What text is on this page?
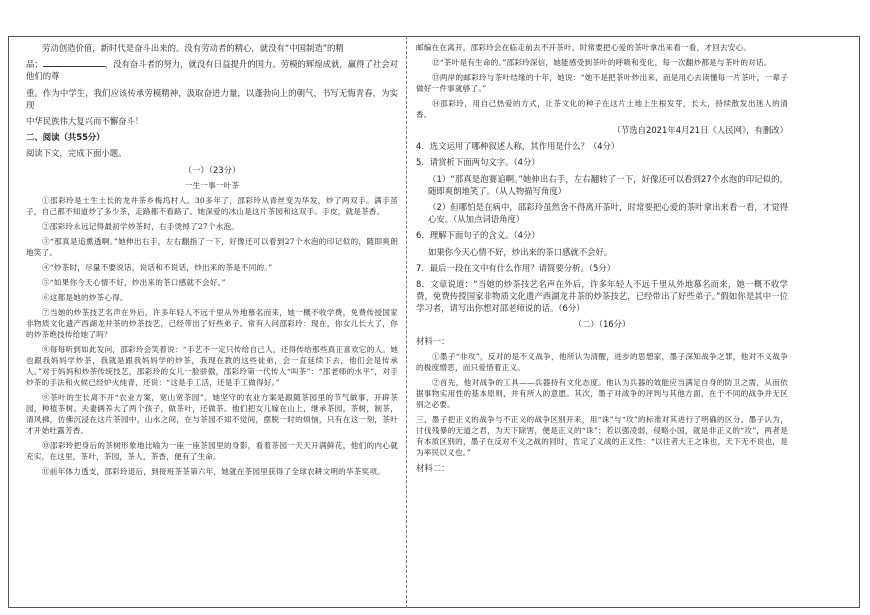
劳动创造价值，新时代是奋斗出来的。没有劳动者的精心，就没有“中国制造”的精
品；	，没有奋斗者的努力，就没有日益提升的国力。劳模的辉煌成就，赢得了社会对他们的尊
重。作为中学生，我们应该传承劳模精神，汲取奋进力量，以蓬勃向上的朝气，书写无悔青春，为实现
中华民族伟大复兴而不懈奋斗！
二、阅读（共55分）
阅读下文，完成下面小题。
（一）（23分）
一生一事一叶茶
①邵彩玲是土生土长的龙井茶乡梅坞村人。30多年了，邵彩玲从青丝变为华发，炒了两双手。满手茧子，自己都不知道炒了多少茶，走路都不看路了。她深爱的冰山是这片茶园和这双手。手皮，就是茶香。
②邵彩玲永远记得最初学炒茶时，右手烫掉了27个水泡。
③“那真是追熏透啊。”她伸出右手，左右翻指了一下，好像还可以看到27个水泡的印记似的，随即爽朗地笑了。
④“炒茶时，尽量不要说话，说话和不说话，炒出来的茶是不同的。”
⑤“如果你今天心情不好，炒出来的茶口感就不会好。”
⑥这都是她的炒茶心得。
⑦当她的炒茶技艺名声在外后，许多年轻人不远千里从外地慕名而来，她一概不收学费，免费传授国家非物质文化遗产西湖龙井茶的炒茶技艺，已经带出了好些弟子。常有人问邵彩玲：现在，你女儿长大了，你的炒茶绝技传给她了吗？
⑧每每听到如此发问，邵彩玲会笑着说：“手艺不一定只传给自己人，还得传给那些真正喜欢它的人。她也跟我妈妈学炒茶，我就是跟我妈妈学的炒茶，我现在教的这些徒弟，会一直延续下去，他们会是传承人。”对于妈妈和炒茶传统技艺，邵彩玲的女儿一脸骄傲，邵彩玲第一代传人“叫茶”：“邵老师的水平”，对手炒茶的手法和火候已经炉火纯青，还说：“这是手工活，还是手工做得好。”
⑨茶叶的生长离不开“农业方案，宽山宽茶园”。她坚守的农业方案是跟随茶园里的节气做事，开辟茶园，种植茶树。夫妻俩养大了两个孩子，做茶叶，还做茶。他们把女儿嫁在山上，继承茶园，茶树，制茶，清风拂，仿佛沉浸在这片茶园中，山水之间，在与茶园不知不觉间，摆脱一时的烦恼，只有在这一刻，茶叶才开始吐露芳香。
⑩邵彩玲把身后的茶树形象地比喻为一座一座茶园里的身影，看着茶园一天天开满鲜花，他们的内心就充实，在这里，茶叶，茶园，茶人，茶香，便有了生命。
⑪前年体力透支，邵彩玲退后，到接班茶茶第六年，她就在茶园里获得了全球农耕文明的华茶奖项。
邮编在在离开，邵彩玲会在临走前去不开茶叶，时常要把心爱的茶叶拿出来看一看，才回去安心。
⑫“茶叶是有生命的。”邵彩玲深信，她能感受到茶叶的呼吸和变化，每一次翻炒都是与茶叶的对话。
⑬两岸的邮彩玲与茶叶结缘的十年，她说：“她不是把茶叶炒出来，而是用心去读懂每一片茶叶，一辈子做好一件事就够了。”
⑭邵彩玲，用自己热爱的方式，让茶文化的种子在这片土地上生根发芽，长大，持续散发出迷人的清香。
（节选自2021年4月21日《人民网》，有删改）
4．选文运用了哪种叙述人称，其作用是什么？（4分）
5．请赏析下面两句文字。（4分）
（1）“那真是泡赛追啊。”她伸出右手，左右翻转了一下，好像还可以看到27个水泡的印记似的，随即爽朗地笑了。（从人物描写角度）
（2）但哪怕是在病中，邵彩玲虽然舍不得离开茶叶，时常要把心爱的茶叶拿出来看一看，才觉得心安。（从加点词语角度）
6．理解下面句子的含义。（4分）
如果你今天心情不好，炒出来的茶口感就不会好。
7．最后一段在文中有什么作用？请简要分析。（5分）
8．文章说道：“当她的炒茶技艺名声在外后，许多年轻人不远千里从外地慕名而来，她一概不收学费，免费传授国家非物质文化遗产西湖龙井茶的炒茶技艺，已经带出了好些弟子。”假如你是其中一位学习者，请写出你想对邵老师说的话。（6分）
（二）（16分）
材料一：
①墨子“非攻”，反对的是不义战争，他所认为清醒，进步的思想家，墨子深知战争之罪，他对不义战争的极度憎恶，而只爱惜着正义。
②首先，他对战争的工具——兵器持有文化态度。他认为兵器的效能应当满足自身的防卫之需，从而依据事物实用性的基本原则，并有所人的意愿。其次，墨子对战争的评判与其他方面，在于不同的战争并无区别之必要。
三、墨子把正义的战争与不正义的战争区别开来，用“诛”与“攻”的标准对其进行了明确的区分。墨子认为，讨伐残暴的无道之君，为天下除害，便是正义的“诛”；若以强凌弱，侵略小国，就是非正义的“攻”，两者是有本质区别的，墨子在反对不义之战的同时，肯定了义战的正义性：“以往者大王之诛也，天下无不说也，是为率民以义也。”
材料二：
